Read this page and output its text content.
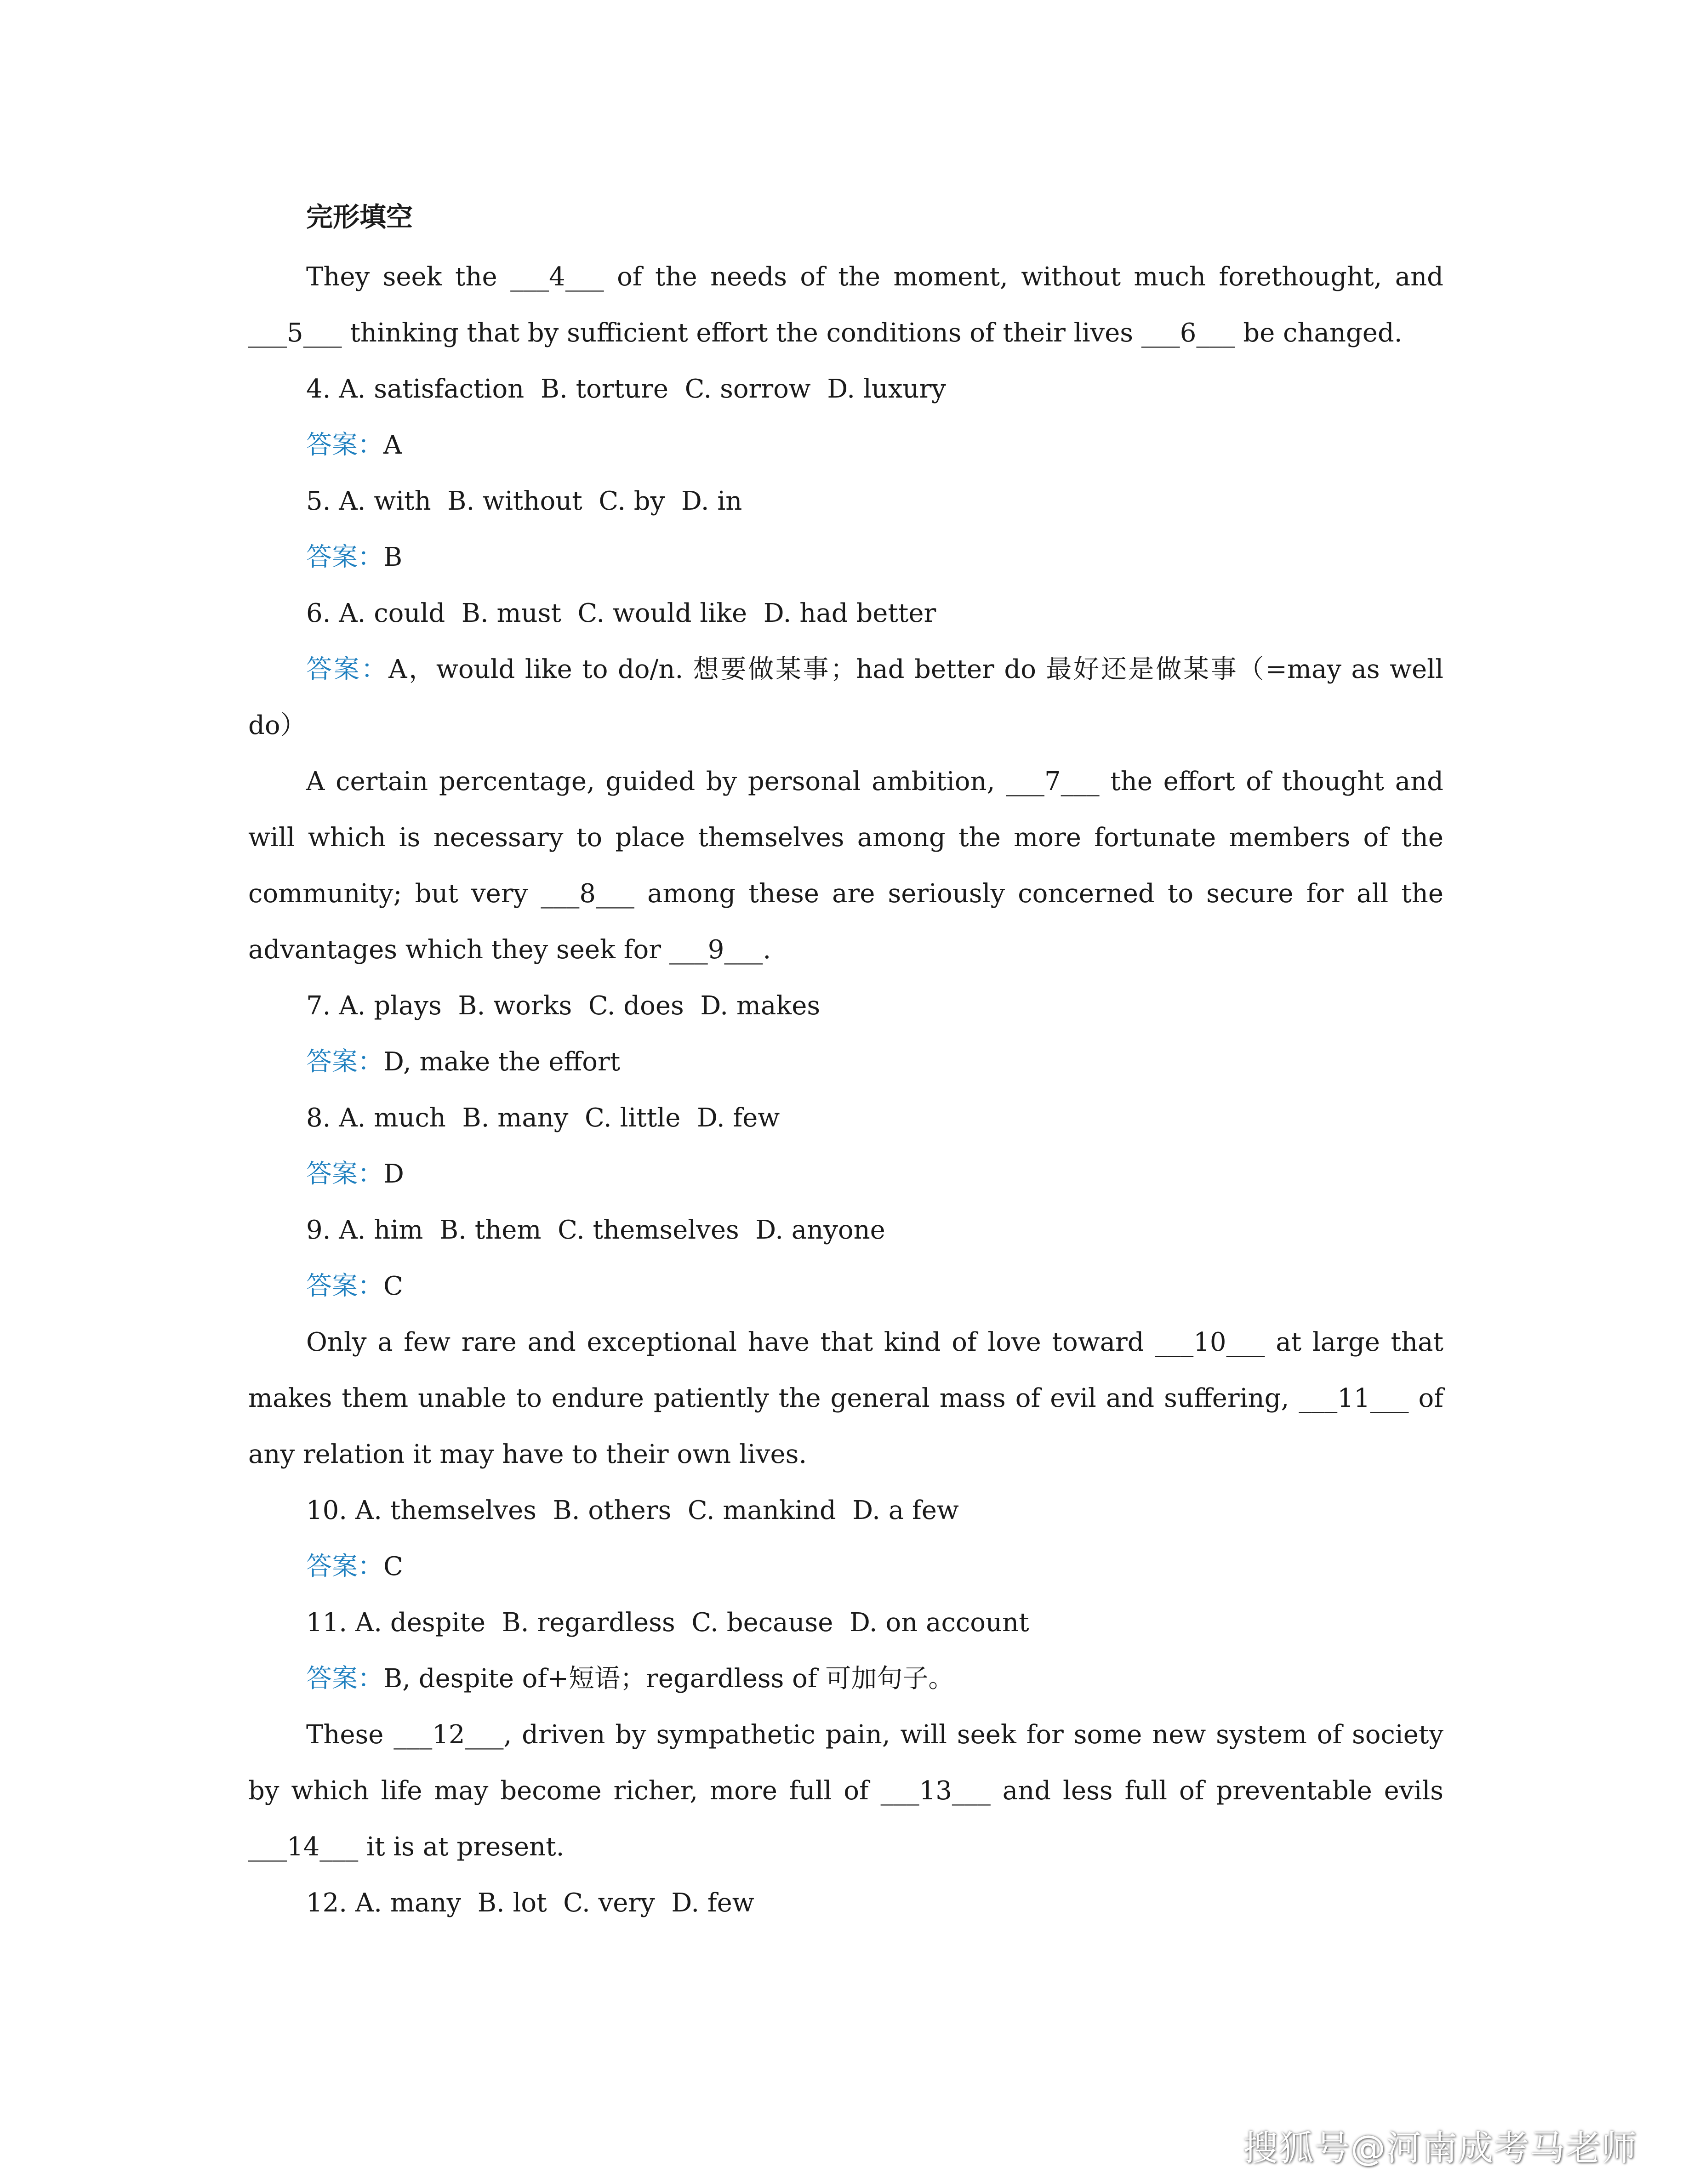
完形填空

They seek the ___4___ of the needs of the moment, without much forethought, and ___5___ thinking that by sufficient effort the conditions of their lives ___6___ be changed.

4. A. satisfaction  B. torture  C. sorrow  D. luxury

答案：A

5. A. with  B. without  C. by  D. in

答案：B

6. A. could  B. must  C. would like  D. had better

答案：A，would like to do/n. 想要做某事；had better do 最好还是做某事（=may as well do）

A certain percentage, guided by personal ambition, ___7___ the effort of thought and will which is necessary to place themselves among the more fortunate members of the community; but very ___8___ among these are seriously concerned to secure for all the advantages which they seek for ___9___.

7. A. plays  B. works  C. does  D. makes

答案：D, make the effort

8. A. much  B. many  C. little  D. few

答案：D

9. A. him  B. them  C. themselves  D. anyone

答案：C

Only a few rare and exceptional have that kind of love toward ___10___ at large that makes them unable to endure patiently the general mass of evil and suffering, ___11___ of any relation it may have to their own lives.

10. A. themselves  B. others  C. mankind  D. a few

答案：C

11. A. despite  B. regardless  C. because  D. on account

答案：B, despite of+短语；regardless of 可加句子。

These ___12___, driven by sympathetic pain, will seek for some new system of society by which life may become richer, more full of ___13___ and less full of preventable evils ___14___ it is at present.

12. A. many  B. lot  C. very  D. few
搜狐号@河南成考马老师
